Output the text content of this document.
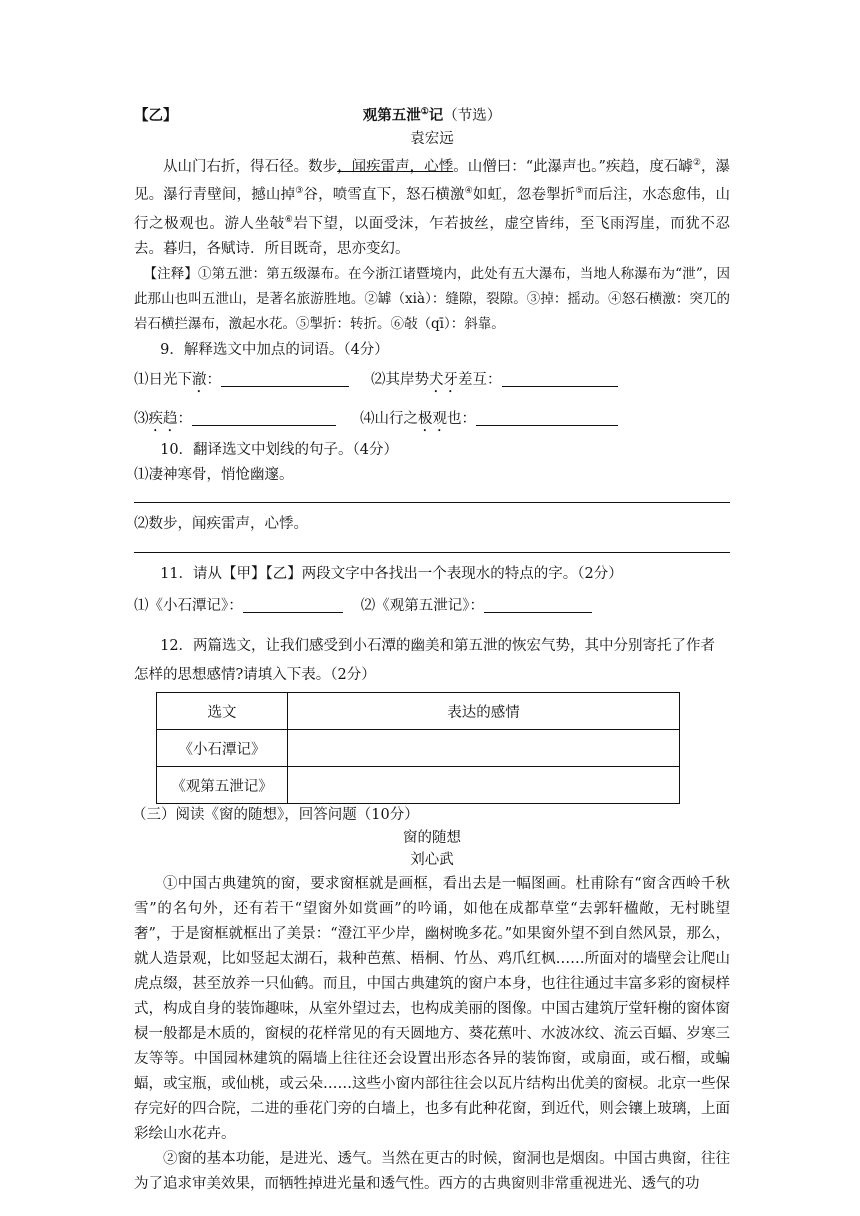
【乙】	观第五泄①记（节选）
袁宏远
从山门右折，得石径。数步，闻疾雷声，心悸。山僧曰：“此瀑声也。”疾趋，度石罅②，瀑见。瀑行青壁间，撼山掉③谷，喷雪直下，怒石横激④如虹，忽卷掣折⑤而后注，水态愈伟，山行之极观也。游人坐敧⑥岩下望，以面受沫，乍若披丝，虚空皆纬，至飞雨泻崖，而犹不忍去。暮归，各赋诗．所目既奇，思亦变幻。
【注释】①第五泄：第五级瀑布。在今浙江诸暨境内，此处有五大瀑布，当地人称瀑布为“泄”，因此那山也叫五泄山，是著名旅游胜地。②罅（xià）：缝隙，裂隙。③掉：摇动。④怒石横激：突兀的岩石横拦瀑布，激起水花。⑤掣折：转折。⑥敧（qī）：斜靠。
9．解释选文中加点的词语。（4分）
⑴日光下澈：	⑵其岸势犬牙差互：
⑶疾趋：	⑷山行之极观也：
10．翻译选文中划线的句子。（4分）
⑴凄神寒骨，悄怆幽邃。
⑵数步，闻疾雷声，心悸。
11．请从【甲】【乙】两段文字中各找出一个表现水的特点的字。（2分）
⑴《小石潭记》：	⑵《观第五泄记》：
12．两篇选文，让我们感受到小石潭的幽美和第五泄的恢宏气势，其中分别寄托了作者
怎样的思想感情?请填入下表。（2分）
选文	表达的感情
《小石潭记》	
《观第五泄记》	
（三）阅读《窗的随想》，回答问题（10分）
窗的随想
刘心武
①中国古典建筑的窗，要求窗框就是画框，看出去是一幅图画。杜甫除有“窗含西岭千秋雪”的名句外，还有若干“望窗外如赏画”的吟诵，如他在成都草堂“去郭轩楹敞，无村眺望奢”，于是窗框就框出了美景：“澄江平少岸，幽树晚多花。”如果窗外望不到自然风景，那么，就人造景观，比如竖起太湖石，栽种芭蕉、梧桐、竹丛、鸡爪红枫……所面对的墙壁会让爬山虎点缀，甚至放养一只仙鹤。而且，中国古典建筑的窗户本身，也往往通过丰富多彩的窗棂样式，构成自身的装饰趣味，从室外望过去，也构成美丽的图像。中国古建筑厅堂轩榭的窗体窗棂一般都是木质的，窗棂的花样常见的有天圆地方、葵花蕉叶、水波冰纹、流云百蝠、岁寒三友等等。中国园林建筑的隔墙上往往还会设置出形态各异的装饰窗，或扇面，或石榴，或蝙蝠，或宝瓶，或仙桃，或云朵……这些小窗内部往往会以瓦片结构出优美的窗棂。北京一些保存完好的四合院，二进的垂花门旁的白墙上，也多有此种花窗，到近代，则会镶上玻璃，上面彩绘山水花卉。
②窗的基本功能，是进光、透气。当然在更古的时候，窗洞也是烟囱。中国古典窗，往往为了追求审美效果，而牺牲掉进光量和透气性。西方的古典窗则非常重视进光、透气的功
